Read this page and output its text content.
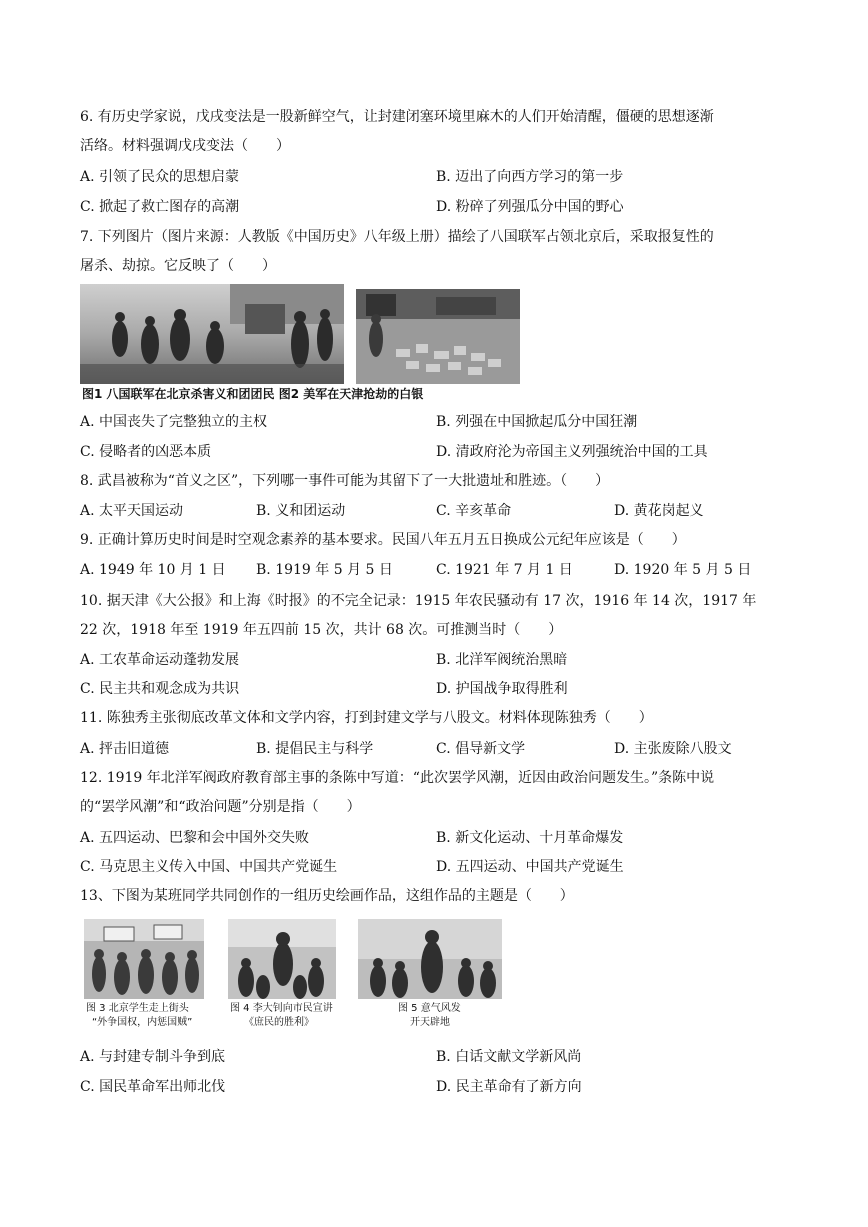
6. 有历史学家说，戊戌变法是一股新鲜空气，让封建闭塞环境里麻木的人们开始清醒，僵硬的思想逐渐
活络。材料强调戊戌变法（　　）
A. 引领了民众的思想启蒙	B. 迈出了向西方学习的第一步
C. 掀起了救亡图存的高潮	D. 粉碎了列强瓜分中国的野心
7. 下列图片（图片来源：人教版《中国历史》八年级上册）描绘了八国联军占领北京后，采取报复性的
屠杀、劫掠。它反映了（　　）
图1 八国联军在北京杀害义和团团民 图2 美军在天津抢劫的白银
A. 中国丧失了完整独立的主权	B. 列强在中国掀起瓜分中国狂潮
C. 侵略者的凶恶本质	D. 清政府沦为帝国主义列强统治中国的工具
8. 武昌被称为“首义之区”，下列哪一事件可能为其留下了一大批遗址和胜迹。（　　）
A. 太平天国运动	B. 义和团运动	C. 辛亥革命	D. 黄花岗起义
9. 正确计算历史时间是时空观念素养的基本要求。民国八年五月五日换成公元纪年应该是（　　）
A. 1949 年 10 月 1 日 B. 1919 年 5 月 5 日	C. 1921 年 7 月 1 日	D. 1920 年 5 月 5 日
10. 据天津《大公报》和上海《时报》的不完全记录：1915 年农民骚动有 17 次，1916 年 14 次，1917 年
22 次，1918 年至 1919 年五四前 15 次，共计 68 次。可推测当时（　　）
A. 工农革命运动蓬勃发展	B. 北洋军阀统治黑暗
C. 民主共和观念成为共识	D. 护国战争取得胜利
11. 陈独秀主张彻底改革文体和文学内容，打到封建文学与八股文。材料体现陈独秀（　　）
A. 抨击旧道德	B. 提倡民主与科学	C. 倡导新文学	D. 主张废除八股文
12. 1919 年北洋军阀政府教育部主事的条陈中写道：“此次罢学风潮，近因由政治问题发生。”条陈中说
的“罢学风潮”和“政治问题”分别是指（　　）
A. 五四运动、巴黎和会中国外交失败	B. 新文化运动、十月革命爆发
C. 马克思主义传入中国、中国共产党诞生	D. 五四运动、中国共产党诞生
13、下图为某班同学共同创作的一组历史绘画作品，这组作品的主题是（　　）
图 3 北京学生走上街头
“外争国权，内惩国贼”
图 4 李大钊向市民宣讲
《庶民的胜利》
图 5 意气风发
开天辟地
A. 与封建专制斗争到底	B. 白话文献文学新风尚
C. 国民革命军出师北伐	D. 民主革命有了新方向
